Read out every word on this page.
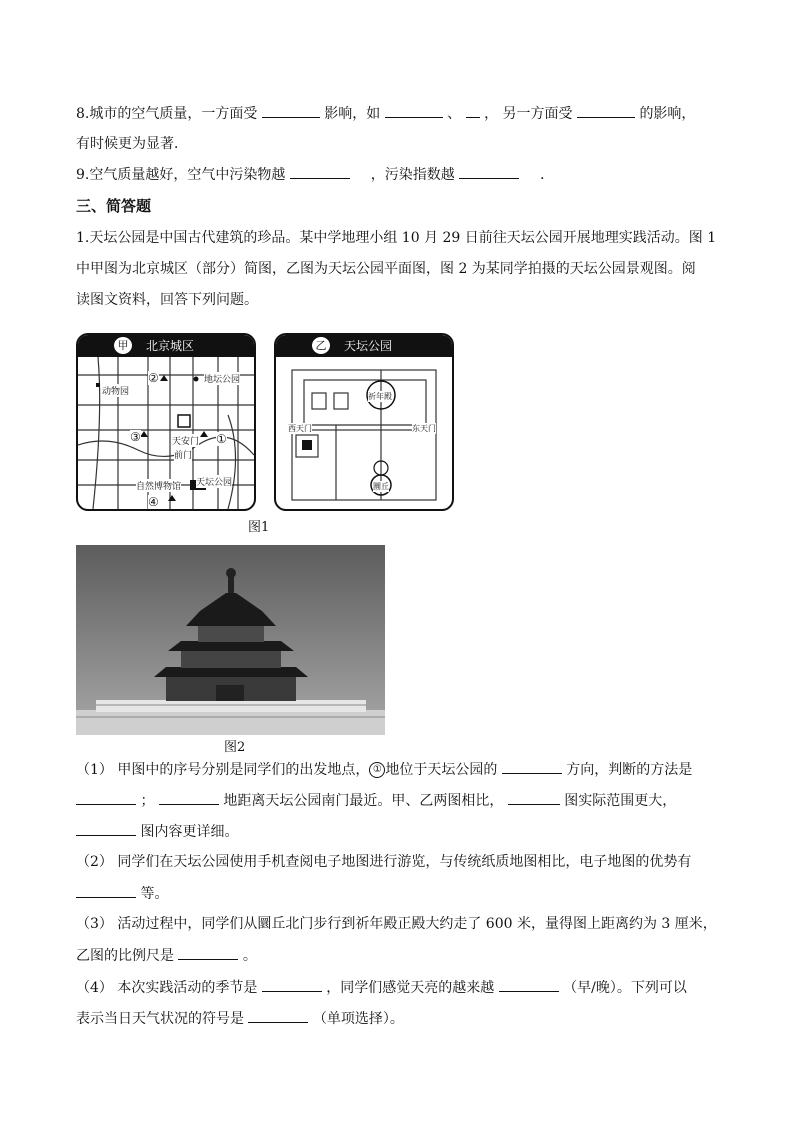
8.城市的空气质量，一方面受	影响，如	、 ， 另一方面受	的影响，
有时候更为显著．
9.空气质量越好，空气中污染物越	，污染指数越	．
三、简答题
1.天坛公园是中国古代建筑的珍品。某中学地理小组 10 月 29 日前往天坛公园开展地理实践活动。图 1
中甲图为北京城区（部分）简图，乙图为天坛公园平面图，图 2 为某同学拍摄的天坛公园景观图。阅
读图文资料，回答下列问题。
甲 北京城区
动物园
地坛公园
天安门
前门
自然博物馆 天坛公园
②
③	①
④
乙 天坛公园
祈年殿
西天门	东天门
圜丘
图1
图2
（1） 甲图中的序号分别是同学们的出发地点， ① 地位于天坛公园的	方向，判断的方法是
；	地距离天坛公园南门最近。甲、乙两图相比，	图实际范围更大，
图内容更详细。
（2） 同学们在天坛公园使用手机查阅电子地图进行游览，与传统纸质地图相比，电子地图的优势有
等。
（3） 活动过程中，同学们从圜丘北门步行到祈年殿正殿大约走了 600 米，量得图上距离约为 3 厘米，
乙图的比例尺是	。
（4） 本次实践活动的季节是	，同学们感觉天亮的越来越	（早/晚）。下列可以
表示当日天气状况的符号是	（单项选择）。
